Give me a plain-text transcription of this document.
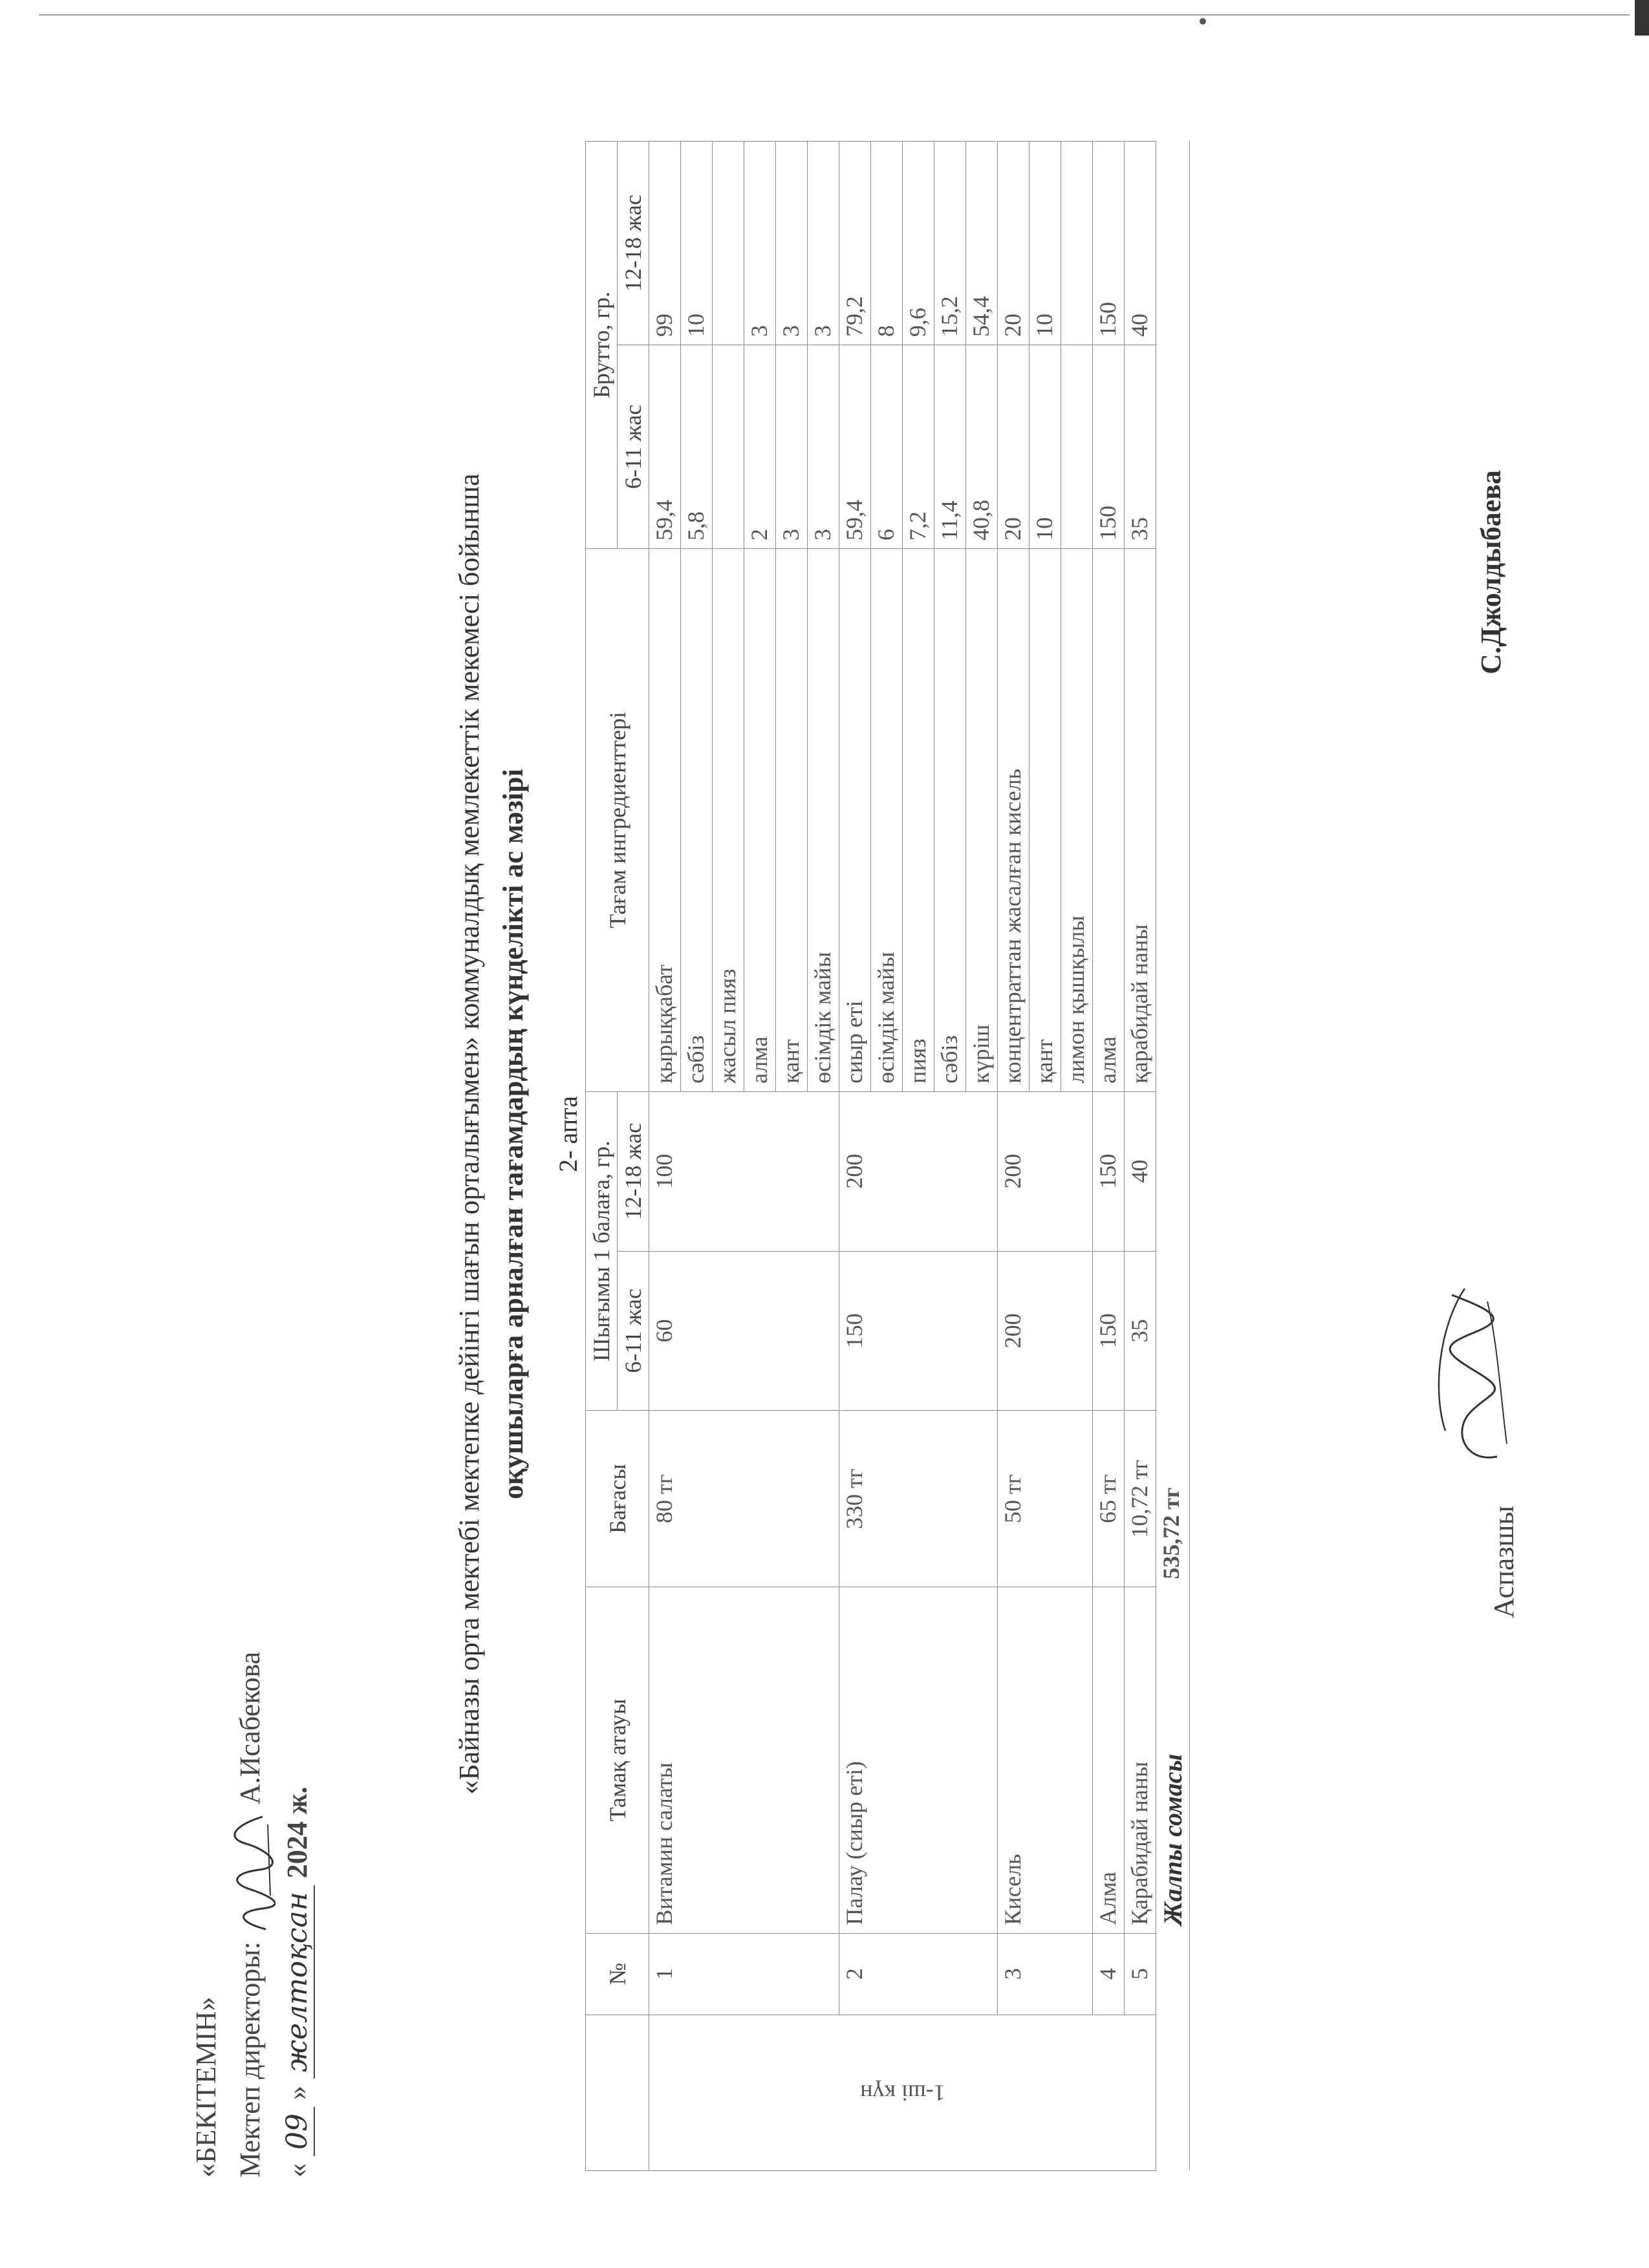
«БЕКІТЕМІН» Мектеп директоры:  А.Исабекова
« 09 » желтоқсан 2024 ж.
«Байназы орта мектебі мектепке дейінгі шағын орталығымен» коммуналдық мемлекеттік мекемесі бойынша оқушыларға арналған тағамдардың күнделікті ас мәзірі 2- апта
	№	Тамақ атауы	Бағасы	Шығымы 1 балаға, гр.		Тағам ингредиенттері	Брутто, гр.	
				6-11 жас	12-18 жас		6-11 жас	12-18 жас
1-ші күн	1	Витамин салаты	80 тг	60	100	қырыққабат	59,4	99
						сәбіз	5,8	10
						жасыл пияз		
						алма	2	3
						қант	3	3
						өсімдік майы	3	3
	2	Палау (сиыр еті)	330 тг	150	200	сиыр еті	59,4	79,2
						өсімдік майы	6	8
						пияз	7,2	9,6
						сәбіз	11,4	15,2
						күріш	40,8	54,4
	3	Кисель	50 тг	200	200	концентраттан жасалған кисель	20	20
						қант	10	10
						лимон қышқылы		
	4	Алма	65 тг	150	150	алма	150	150
	5	Қарабидай наны	10,72 тг	35	40	қарабидай наны	35	40
		Жалпы сомасы	535,72 тг					
Аспазшы
С.Джолдыбаева
